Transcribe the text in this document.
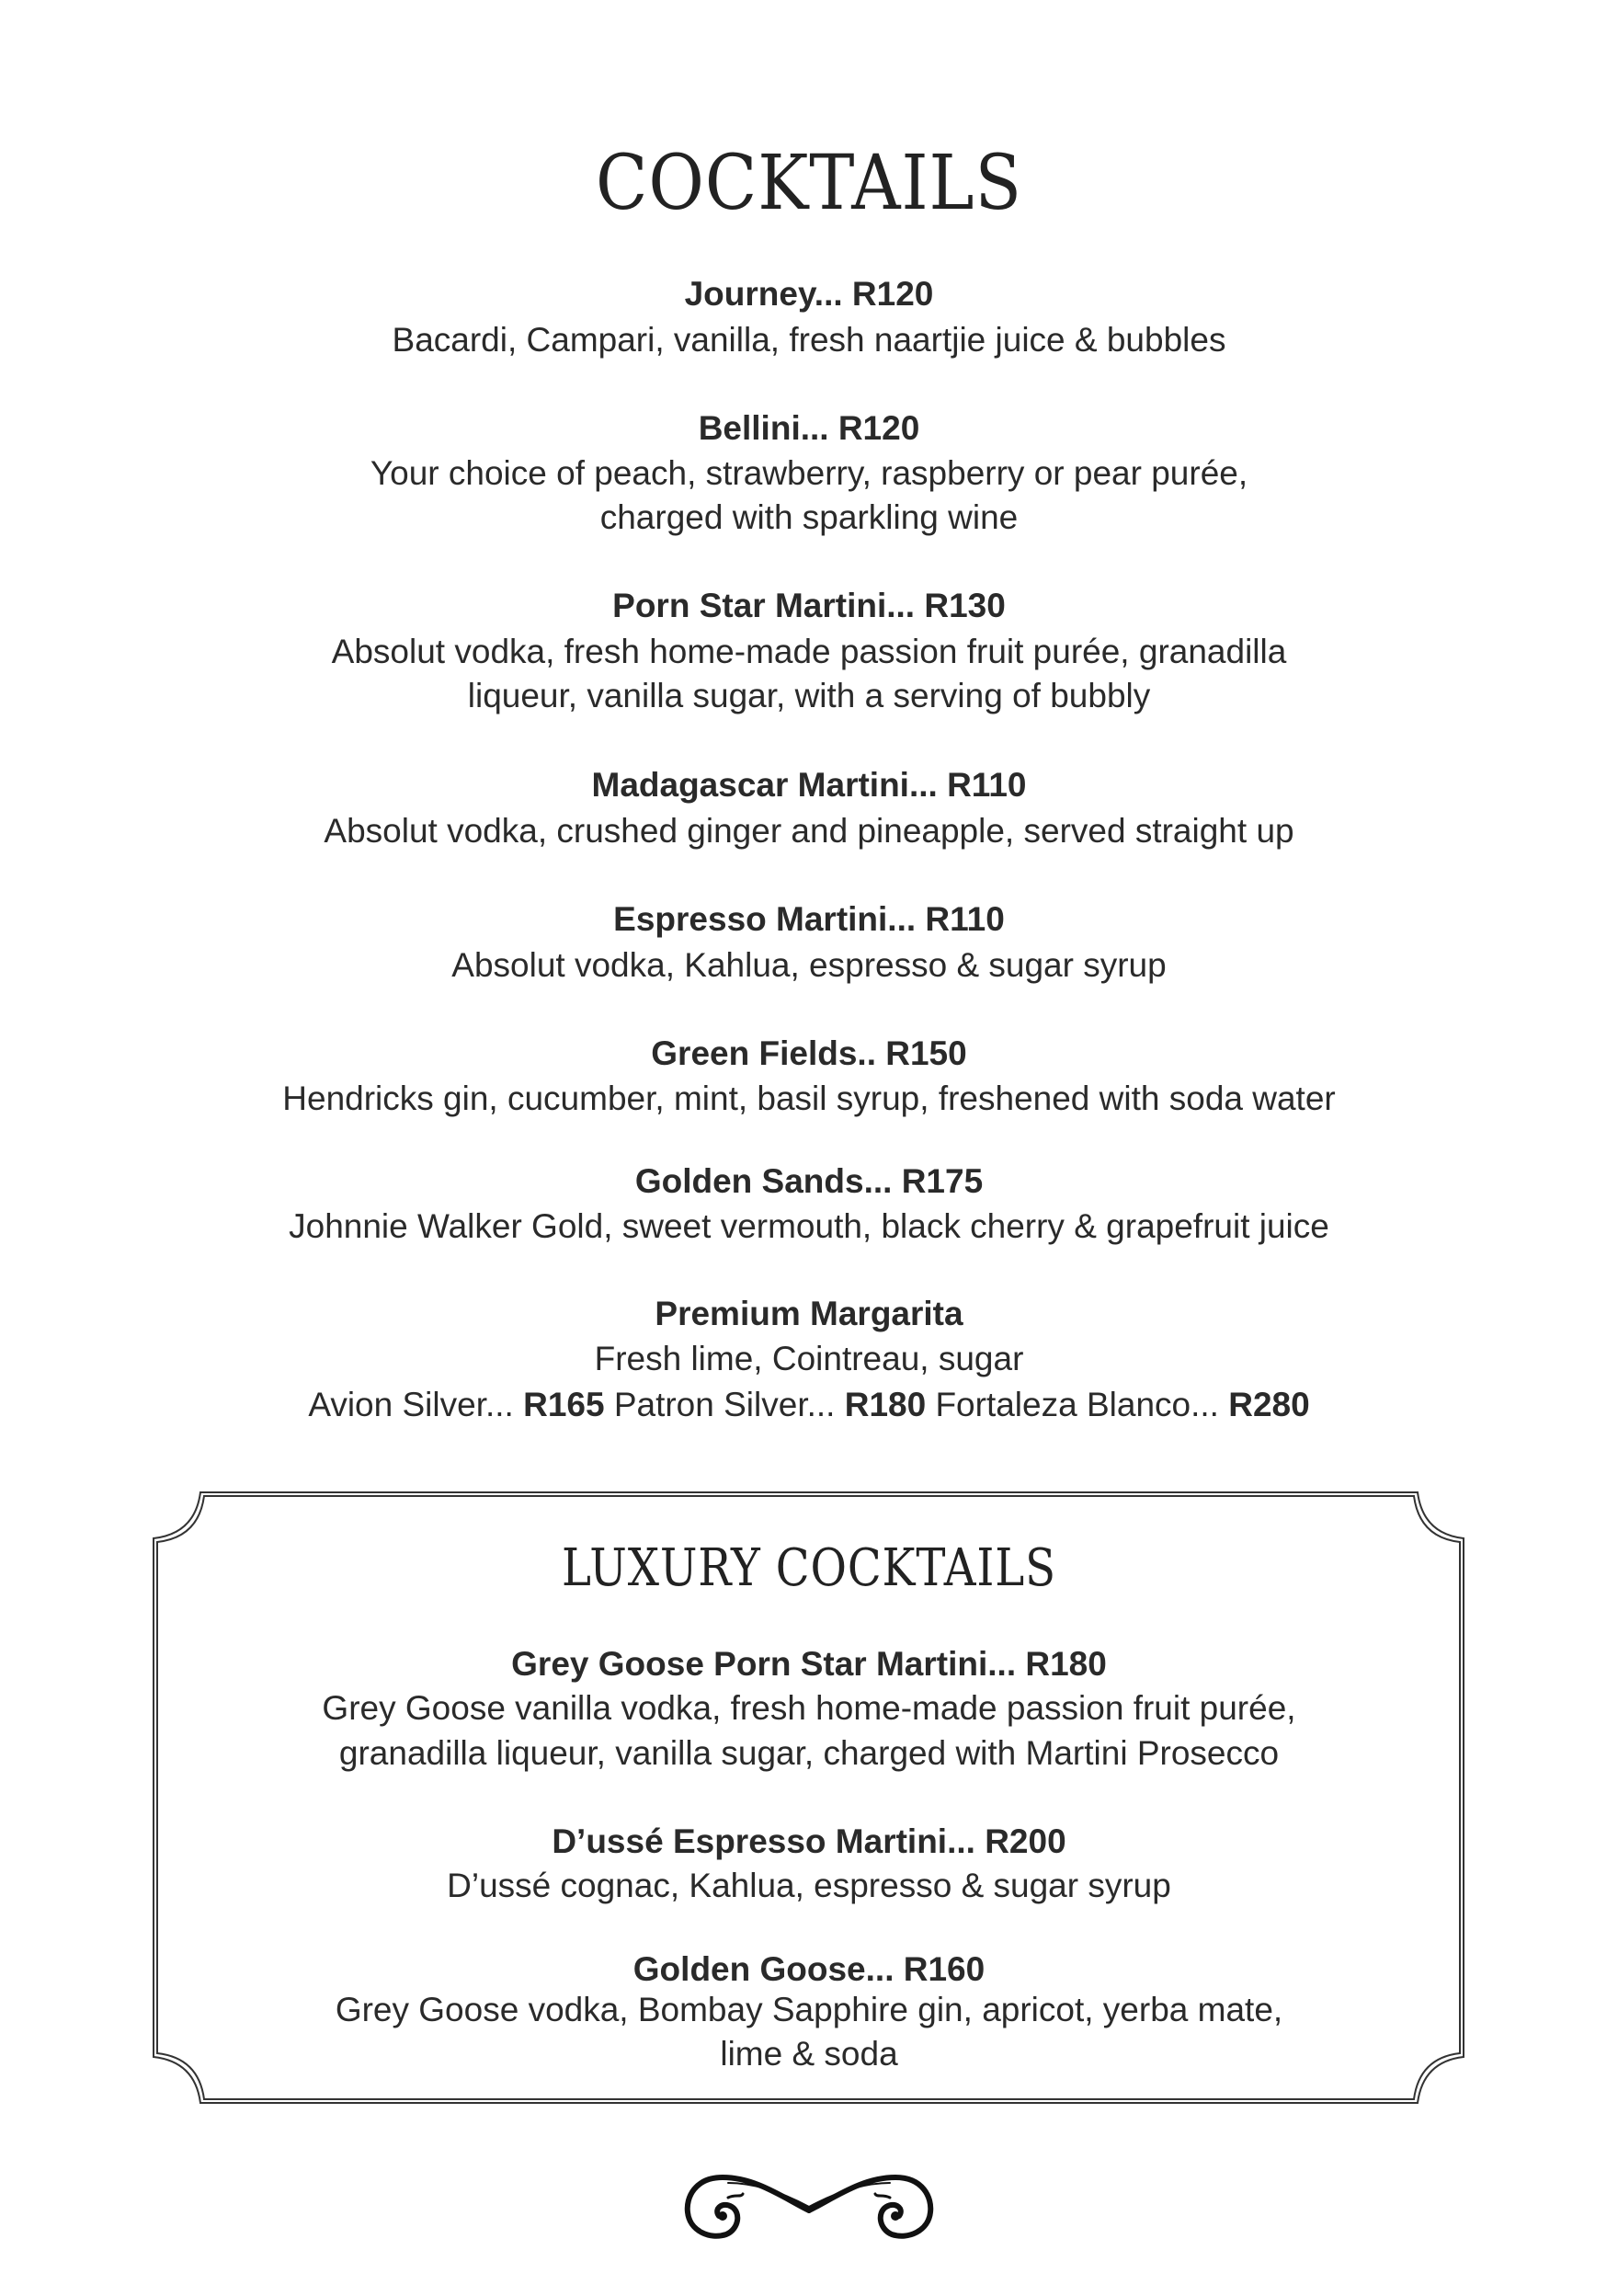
COCKTAILS
Journey... R120
Bacardi, Campari, vanilla, fresh naartjie juice & bubbles
Bellini... R120
Your choice of peach, strawberry, raspberry or pear purée,
charged with sparkling wine
Porn Star Martini... R130
Absolut vodka, fresh home-made passion fruit purée, granadilla
liqueur, vanilla sugar, with a serving of bubbly
Madagascar Martini... R110
Absolut vodka, crushed ginger and pineapple, served straight up
Espresso Martini... R110
Absolut vodka, Kahlua, espresso & sugar syrup
Green Fields.. R150
Hendricks gin, cucumber, mint, basil syrup, freshened with soda water
Golden Sands... R175
Johnnie Walker Gold, sweet vermouth, black cherry & grapefruit juice
Premium Margarita
Fresh lime, Cointreau, sugar
Avion Silver... R165 Patron Silver... R180 Fortaleza Blanco... R280
LUXURY COCKTAILS
Grey Goose Porn Star Martini... R180
Grey Goose vanilla vodka, fresh home-made passion fruit purée,
granadilla liqueur, vanilla sugar, charged with Martini Prosecco
D’ussé Espresso Martini... R200
D’ussé cognac, Kahlua, espresso & sugar syrup
Golden Goose... R160
Grey Goose vodka, Bombay Sapphire gin, apricot, yerba mate,
lime & soda
